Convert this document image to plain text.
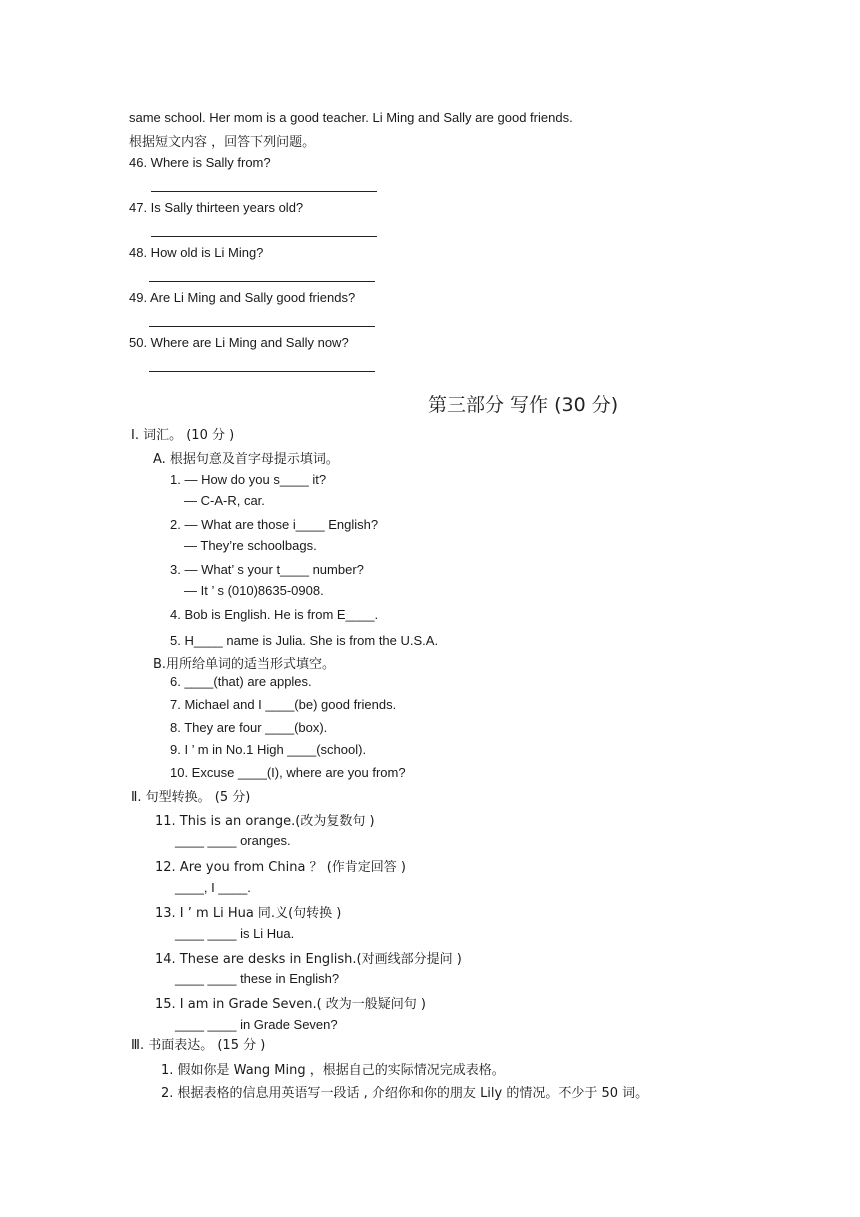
same school. Her mom is a good teacher. Li Ming and Sally are good friends.
根据短文内容 ，回答下列问题。
46. Where is Sally from?
47. Is Sally thirteen years old?
48. How old is Li Ming?
49. Are Li Ming and Sally good friends?
50. Where are Li Ming and Sally now?
第三部分 写作 (30 分)
Ⅰ. 词汇。 (10 分 )
A. 根据句意及首字母提示填词。
1. — How do you s____ it?
— C-A-R, car.
2. — What are those i____ English?
— They’re schoolbags.
3. — What’ s your t____ number?
— It ’ s (010)8635-0908.
4. Bob is English. He is from E____.
5. H____ name is Julia. She is from the U.S.A.
B.用所给单词的适当形式填空。
6. ____(that) are apples.
7. Michael and I ____(be) good friends.
8. They are four ____(box).
9. I ’ m in No.1 High ____(school).
10. Excuse ____(I), where are you from?
Ⅱ. 句型转换。 (5 分)
11. This is an orange.(改为复数句 )
____ ____ oranges.
12. Are you from China ？ (作肯定回答 )
____, I ____.
13. I ’ m Li Hua 同.义(句转换 )
____ ____ is Li Hua.
14. These are desks in English.(对画线部分提问 )
____ ____ these in English?
15. I am in Grade Seven.( 改为一般疑问句 )
____ ____ in Grade Seven?
Ⅲ. 书面表达。 (15 分 )
1. 假如你是 Wang Ming ，根据自己的实际情况完成表格。
2. 根据表格的信息用英语写一段话 , 介绍你和你的朋友 Lily 的情况。不少于 50 词。
